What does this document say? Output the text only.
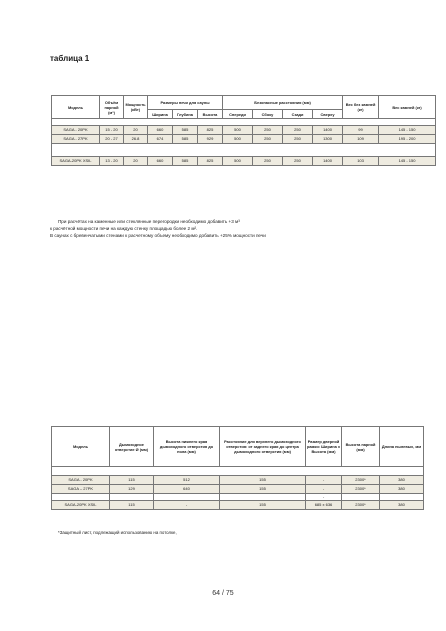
таблица 1
Модель	Объём парной (м³)	Мощность (кВт)	Размеры печи для сауны			Безопасные расстояния (мм)				Вес без камней (кг)	Вес камней (кг)
			Ширина	Глубина	Высота	Спереди	Сбоку	Сзади	Сверху		

SAGA - 20PK	15 - 20	20	660	585	825	500	250	250	1400	99	145 - 150
SAGA - 27PK	20 - 27	26.8	674	585	929	500	250	250	1300	109	195 - 200

SAGA-20PK XSIL	13 - 20	20	660	585	825	500	250	250	1400	103	145 - 150
При расчётах на каменные или стеклянные перегородки необходимо добавить +3 м³
к расчётной мощности печи на каждую стенку площадью более 2 м².
В саунах с бревенчатыми стенами к расчетному объему необходимо добавить +25% мощности печи
Модель	Дымоходное отверстие Ø (мм)	Высота нижнего края дымоходного отверстия до пола (мм)	Расстояние для верхнего дымоходного отверстия: от заднего края до центра дымоходного отверстия (мм)	Размер дверной рамки: Ширина x Высота (мм)	Высота парной (мм)	Длина пылевых, мм

SAGA - 20PK	115	512	155	-	2300*	380
SAGA – 27PK	129	640	155	-	2300*	380
				-		
SAGA-20PK XSIL	115	-	155	685 x 636	2300*	380
*Защитный лист, подлежащий использованию на потолке,
64 / 75
